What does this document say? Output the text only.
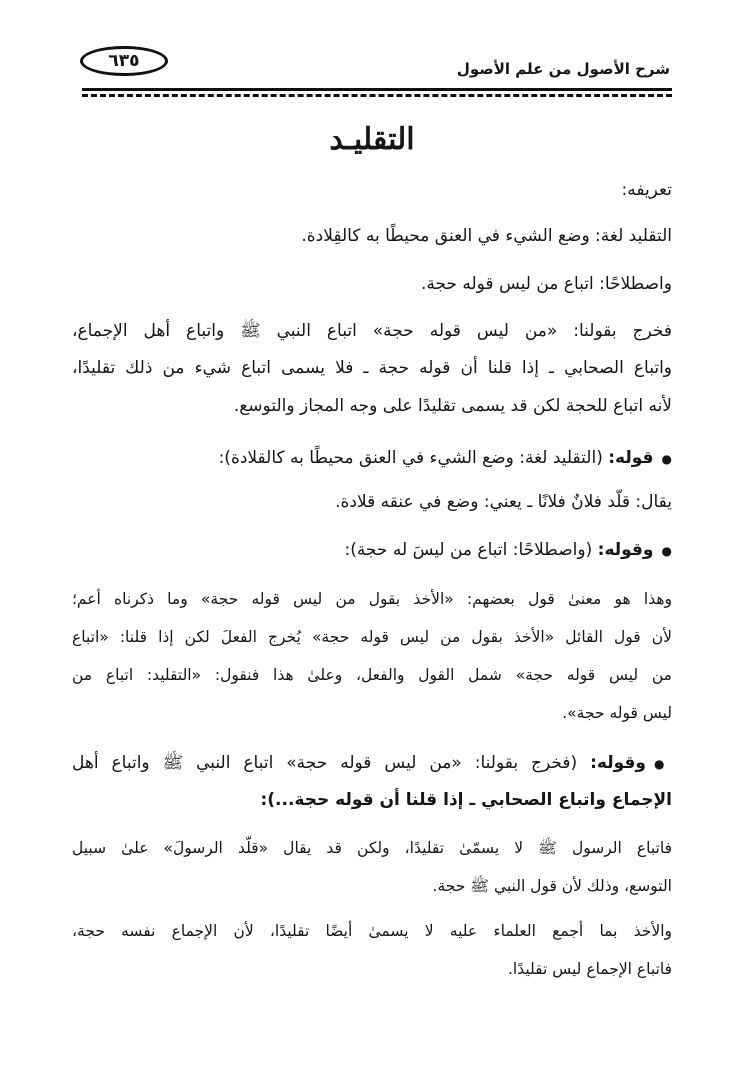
٦٣٥	شرح الأصول من علم الأصول
التقليـد
تعريفه:
التقليد لغة: وضع الشيء في العنق محيطًا به كالقِلادة.
واصطلاحًا: اتباع من ليس قوله حجة.
فخرج بقولنا: «من ليس قوله حجة» اتباع النبي ﷺ واتباع أهل الإجماع،
واتباع الصحابي ـ إذا قلنا أن قوله حجة ـ فلا يسمى اتباع شيء من ذلك تقليدًا،
لأنه اتباع للحجة لكن قد يسمى تقليدًا على وجه المجاز والتوسع.
●قوله: (التقليد لغة: وضع الشيء في العنق محيطًا به كالقلادة):
يقال: قلّد فلانٌ فلانًا ـ يعني: وضع في عنقه قلادة.
●وقوله: (واصطلاحًا: اتباع من ليسَ له حجة):
وهذا هو معنىٰ قول بعضهم: «الأخذ بقول من ليس قوله حجة» وما ذكرناه أعم؛
لأن قول القائل «الأخذ بقول من ليس قوله حجة» يُخرج الفعلَ لكن إذا قلنا: «اتباع
من ليس قوله حجة» شمل القول والفعل، وعلىٰ هذا فنقول: «التقليد: اتباع من
ليس قوله حجة».
●وقوله: (فخرج بقولنا: «من ليس قوله حجة» اتباع النبي ﷺ واتباع أهل
الإجماع واتباع الصحابي ـ إذا قلنا أن قوله حجة...):
فاتباع الرسول ﷺ لا يسمّىٰ تقليدًا، ولكن قد يقال «قلّد الرسولَ» علىٰ سبيل
التوسع، وذلك لأن قول النبي ﷺ حجة.
والأخذ بما أجمع العلماء عليه لا يسمىٰ أيضًا تقليدًا، لأن الإجماع نفسه حجة،
فاتباع الإجماع ليس تقليدًا.
